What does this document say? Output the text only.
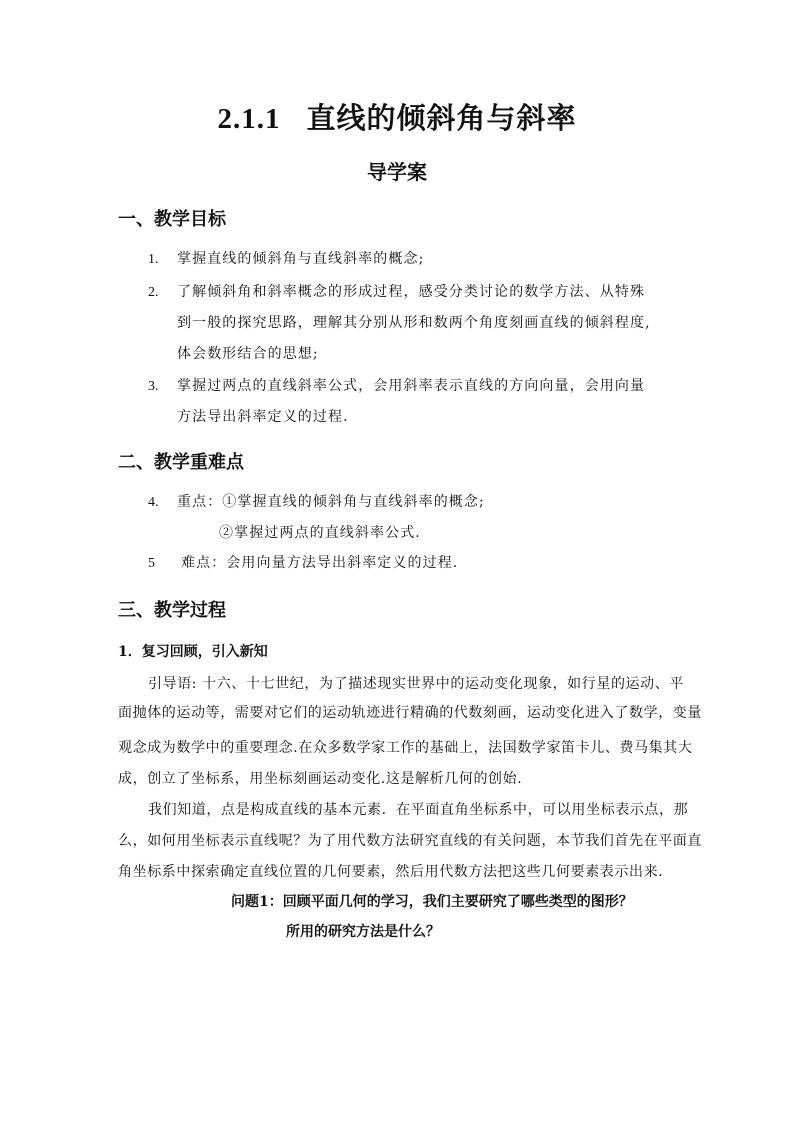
2.1.1 直线的倾斜角与斜率
导学案
一、教学目标
1. 掌握直线的倾斜角与直线斜率的概念;
2. 了解倾斜角和斜率概念的形成过程，感受分类讨论的数学方法、从特殊
到一般的探究思路，理解其分别从形和数两个角度刻画直线的倾斜程度,
体会数形结合的思想;
3. 掌握过两点的直线斜率公式，会用斜率表示直线的方向向量，会用向量
方法导出斜率定义的过程.
二、教学重难点
4. 重点：①掌握直线的倾斜角与直线斜率的概念;
②掌握过两点的直线斜率公式.
5 难点：会用向量方法导出斜率定义的过程.
三、教学过程
1．复习回顾，引入新知
引导语: 十六、十七世纪，为了描述现实世界中的运动变化现象，如行星的运动、平
面抛体的运动等，需要对它们的运动轨迹进行精确的代数刻画，运动变化进入了数学，变量
观念成为数学中的重要理念.在众多数学家工作的基础上，法国数学家笛卡儿、费马集其大
成，创立了坐标系，用坐标刻画运动变化.这是解析几何的创始.
我们知道，点是构成直线的基本元素．在平面直角坐标系中，可以用坐标表示点，那
么，如何用坐标表示直线呢？为了用代数方法研究直线的有关问题，本节我们首先在平面直
角坐标系中探索确定直线位置的几何要素，然后用代数方法把这些几何要素表示出来．
问题1：回顾平面几何的学习，我们主要研究了哪些类型的图形？
所用的研究方法是什么？
